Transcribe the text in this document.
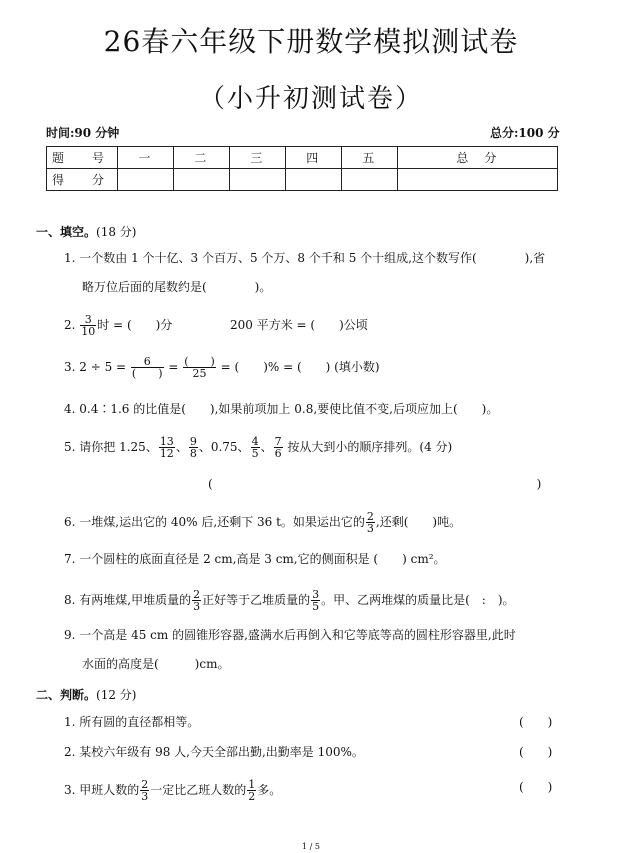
26春六年级下册数学模拟测试卷
（小升初测试卷）
时间:90 分钟	总分:100 分
题　号	一	二	三	四	五	总　分
得　分						
一、填空。(18 分)
1. 一个数由 1 个十亿、3 个百万、5 个万、8 个千和 5 个十组成,这个数写作(　　　　),省
略万位后面的尾数约是(　　　　)。
2. $\frac{3}{10}$ 时 = (　　)分	200 平方米 = (　　)公顷
3. $2 \div 5 = \frac{6}{( )} = \frac{( )}{25}$ = (　　)% = (　　) (填小数)
4. 0.4∶1.6 的比值是(　　),如果前项加上 0.8,要使比值不变,后项应加上(　　)。
5. 请你把 1.25、 $\frac{13}{12}$ 、 $\frac{9}{8}$ 、0.75、 $\frac{4}{5}$ 、 $\frac{7}{6}$ 按从大到小的顺序排列。(4 分)
(　　　　　　　　　　　　　　　　　　　　　　　　　　　)
6. 一堆煤,运出它的 40% 后,还剩下 36 t。如果运出它的 $\frac{2}{3}$ ,还剩(　　)吨。
7. 一个圆柱的底面直径是 2 cm,高是 3 cm,它的侧面积是 (　　) cm²。
8. 有两堆煤,甲堆质量的 $\frac{2}{3}$ 正好等于乙堆质量的 $\frac{3}{5}$ 。甲、乙两堆煤的质量比是(　:　)。
9. 一个高是 45 cm 的圆锥形容器,盛满水后再倒入和它等底等高的圆柱形容器里,此时
水面的高度是(　　　)cm。
二、判断。(12 分)
1. 所有圆的直径都相等。	(　　)
2. 某校六年级有 98 人,今天全部出勤,出勤率是 100%。	(　　)
3. 甲班人数的 $\frac{2}{3}$ 一定比乙班人数的 $\frac{1}{2}$ 多。	(　　)
1 / 5
